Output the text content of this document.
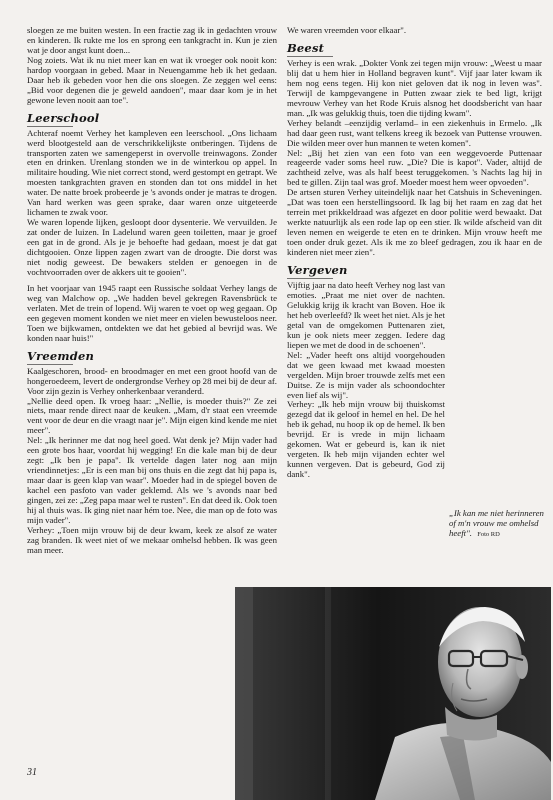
sloegen ze me buiten westen. In een fractie zag ik in gedachten vrouw en kinderen. Ik rukte me los en sprong een tankgracht in. Kun je zien wat je door angst kunt doen...

Nog zoiets. Wat ik nu niet meer kan en wat ik vroeger ook nooit kon: hardop voorgaan in gebed. Maar in Neuengamme heb ik het gedaan. Daar heb ik gebeden voor hen die ons sloegen. Ze zeggen wel eens: „Bid voor degenen die je geweld aandoen", maar daar kom je in het gewone leven nooit aan toe".

Leerschool

Achteraf noemt Verhey het kampleven een leerschool. „Ons lichaam werd blootgesteld aan de verschrikkelijkste ontberingen. Tijdens de transporten zaten we samengeperst in overvolle treinwagons. Zonder eten en drinken. Urenlang stonden we in de winterkou op appel. In militaire houding. Wie niet correct stond, werd gestompt en getrapt. We moesten tankgrachten graven en stonden dan tot ons middel in het water. De natte broek probeerde je 's avonds onder je matras te drogen. Van hard werken was geen sprake, daar waren onze uitgeteerde lichamen te zwak voor.

We waren lopende lijken, gesloopt door dysenterie. We vervuilden. Je zat onder de luizen. In Ladelund waren geen toiletten, maar je groef een gat in de grond. Als je je behoefte had gedaan, moest je dat gat dichtgooien. Onze lippen zagen zwart van de droogte. Die dorst was niet nodig geweest. De bewakers stelden er genoegen in de vochtvoorraden over de akkers uit te gooien".

In het voorjaar van 1945 raapt een Russische soldaat Verhey langs de weg van Malchow op. „We hadden bevel gekregen Ravensbrück te verlaten. Met de trein of lopend. Wij waren te voet op weg gegaan. Op een gegeven moment konden we niet meer en vielen bewusteloos neer. Toen we bijkwamen, ontdekten we dat het gebied al bevrijd was. We konden naar huis!"

Vreemden

Kaalgeschoren, brood- en broodmager en met een groot hoofd van de hongeroedeem, levert de ondergrondse Verhey op 28 mei bij de deur af. Voor zijn gezin is Verhey onherkenbaar veranderd.

„Nellie deed open. Ik vroeg haar: „Nellie, is moeder thuis?" Ze zei niets, maar rende direct naar de keuken. „Mam, d'r staat een vreemde vent voor de deur en die vraagt naar je". Mijn eigen kind kende me niet meer".

Nel: „Ik herinner me dat nog heel goed. Wat denk je? Mijn vader had een grote bos haar, voordat hij wegging! En die kale man bij de deur zegt: „Ik ben je papa". Ik vertelde dagen later nog aan mijn vriendinnetjes: „Er is een man bij ons thuis en die zegt dat hij papa is, maar daar is geen klap van waar". Moeder had in de spiegel boven de kachel een pasfoto van vader geklemd. Als we 's avonds naar bed gingen, zei ze: „Zeg papa maar wel te rusten". En dat deed ik. Ook toen hij al thuis was. Ik ging niet naar hém toe. Nee, die man op de foto was mijn vader".

Verhey: „Toen mijn vrouw bij de deur kwam, keek ze alsof ze water zag branden. Ik weet niet of we mekaar omhelsd hebben. Ik was geen man meer.

We waren vreemden voor elkaar".

Beest

Verhey is een wrak. „Dokter Vonk zei tegen mijn vrouw: „Weest u maar blij dat u hem hier in Holland begraven kunt". Vijf jaar later kwam ik hem nog eens tegen. Hij kon niet geloven dat ik nog in leven was". Terwijl de kampgevangene in Putten zwaar ziek te bed ligt, krijgt mevrouw Verhey van het Rode Kruis alsnog het doodsbericht van haar man. „Ik was gelukkig thuis, toen die tijding kwam".

Verhey belandt –eenzijdig verlamd– in een ziekenhuis in Ermelo. „Ik had daar geen rust, want telkens kreeg ik bezoek van Puttense vrouwen. Die wilden meer over hun mannen te weten komen".

Nel: „Bij het zien van een foto van een weggevoerde Puttenaar reageerde vader soms heel ruw. „Die? Die is kapot". Vader, altijd de zachtheid zelve, was als half beest teruggekomen. 's Nachts lag hij in bed te gillen. Zijn taal was grof. Moeder moest hem weer opvoeden".

De artsen sturen Verhey uiteindelijk naar het Catshuis in Scheveningen. „Dat was toen een herstellingsoord. Ik lag bij het raam en zag dat het terrein met prikkeldraad was afgezet en door politie werd bewaakt. Dat werkte natuurlijk als een rode lap op een stier. Ik wilde afscheid van dit leven nemen en weigerde te eten en te drinken. Mijn vrouw heeft me toen onder druk gezet. Als ik me zo bleef gedragen, zou ik haar en de kinderen niet meer zien".

Vergeven

Vijftig jaar na dato heeft Verhey nog last van emoties. „Praat me niet over de nachten. Gelukkig krijg ik kracht van Boven. Hoe ik het heb overleefd? Ik weet het niet. Als je het getal van de omgekomen Puttenaren ziet, kun je ook niets meer zeggen. Iedere dag liepen we met de dood in de schoenen".

Nel: „Vader heeft ons altijd voorgehouden dat we geen kwaad met kwaad moesten vergelden. Mijn broer trouwde zelfs met een Duitse. Ze is mijn vader als schoondochter even lief als wij".

Verhey: „Ik heb mijn vrouw bij thuiskomst gezegd dat ik geloof in hemel en hel. De hel heb ik gehad, nu hoop ik op de hemel. Ik ben bevrijd. Er is vrede in mijn lichaam gekomen. Wat er gebeurd is, kan ik niet vergeten. Ik heb mijn vijanden echter wel kunnen vergeven. Dat is gebeurd, God zij dank".

„Ik kan me niet herinneren of m'n vrouw me omhelsd heeft". Foto RD
31
